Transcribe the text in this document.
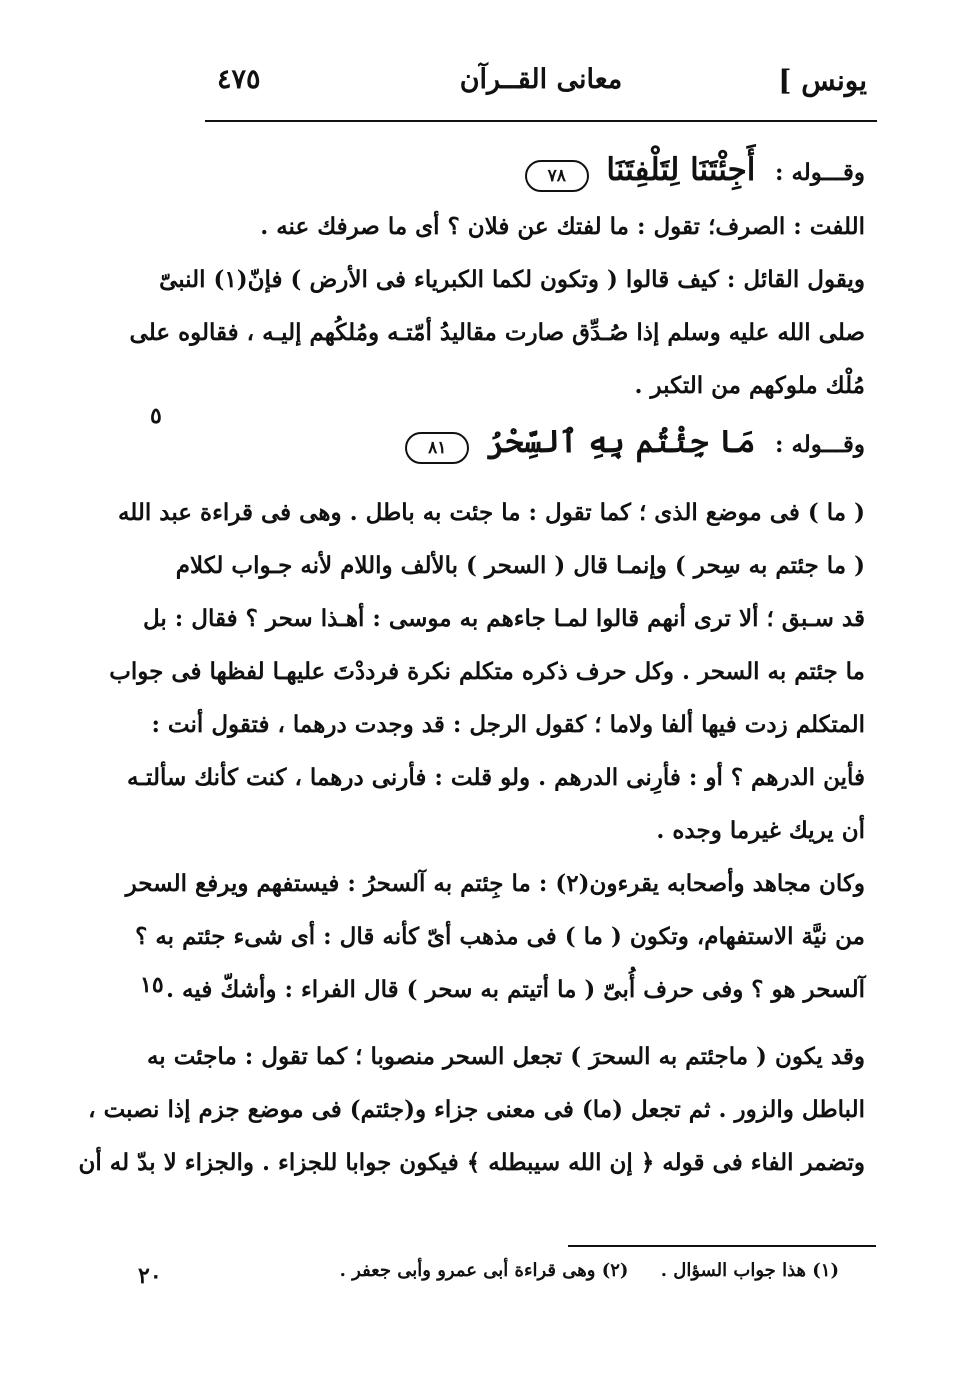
يونس ]
معانى القــرآن
٤٧٥
٥
١٥
٢٠
وقـــوله : أَجِئْتَنَا لِتَلْفِتَنَا ٧٨
اللفت : الصرف؛ تقول : ما لفتك عن فلان ؟ أى ما صرفك عنه .
ويقول القائل : كيف قالوا ( وتكون لكما الكبرياء فى الأرض ) فإنّ(١) النبىّ
صلى الله عليه وسلم إذا صُـدِّق صارت مقاليدُ أمّتـه ومُلكُهم إليـه ، فقالوه على
مُلْك ملوكهم من التكبر .
وقـــوله : مَا جِئْتُم بِهِ ٱلسِّحْرُ ٨١
( ما ) فى موضع الذى ؛ كما تقول : ما جئت به باطل . وهى فى قراءة عبد الله
( ما جئتم به سِحر ) وإنمـا قال ( السحر ) بالألف واللام لأنه جـواب لكلام
قد سـبق ؛ ألا ترى أنهم قالوا لمـا جاءهم به موسى : أهـذا سحر ؟ فقال : بل
ما جئتم به السحر . وكل حرف ذكره متكلم نكرة فرددْتَ عليهـا لفظها فى جواب
المتكلم زدت فيها ألفا ولاما ؛ كقول الرجل : قد وجدت درهما ، فتقول أنت :
فأين الدرهم ؟ أو : فأرِنى الدرهم . ولو قلت : فأرنى درهما ، كنت كأنك سألتـه
أن يريك غيرما وجده .
وكان مجاهد وأصحابه يقرءون(٢) : ما جِئتم به آلسحرُ : فيستفهم ويرفع السحر
من نيَّة الاستفهام، وتكون ( ما ) فى مذهب أىّ كأنه قال : أى شىء جئتم به ؟
آلسحر هو ؟ وفى حرف أُبىّ ( ما أتيتم به سحر ) قال الفراء : وأشكّ فيه .
وقد يكون ( ماجئتم به السحرَ ) تجعل السحر منصوبا ؛ كما تقول : ماجئت به
الباطل والزور . ثم تجعل (ما) فى معنى جزاء و(جئتم) فى موضع جزم إذا نصبت ،
وتضمر الفاء فى قوله ﴿ إن الله سيبطله ﴾ فيكون جوابا للجزاء . والجزاء لا بدّ له أن
(١) هذا جواب السؤال . (٢) وهى قراءة أبى عمرو وأبى جعفر .
